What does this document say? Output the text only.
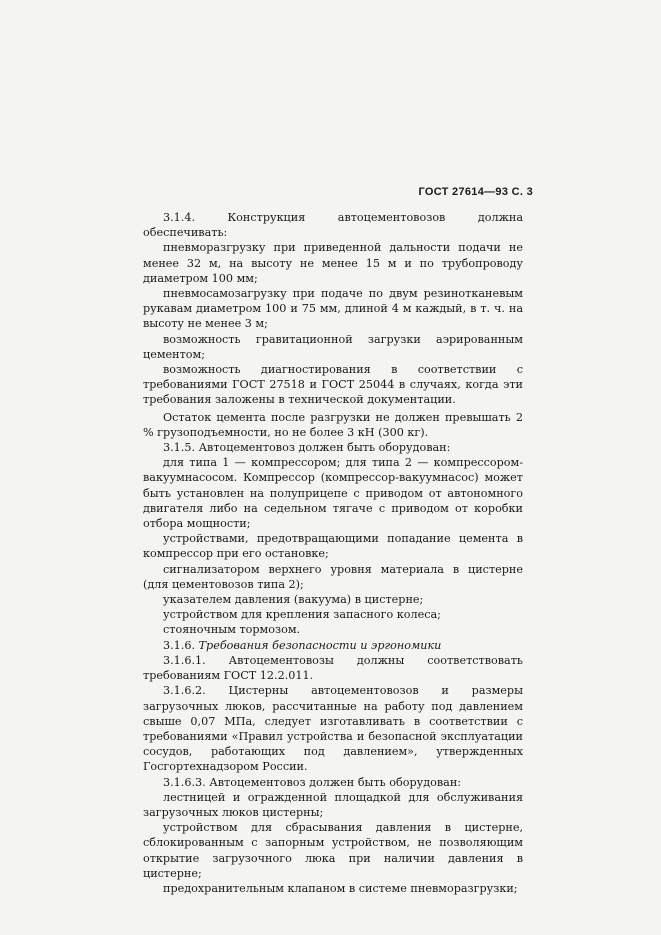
ГОСТ 27614—93 С. 3

3.1.4. Конструкция автоцементовозов должна обеспечивать:

пневморазгрузку при приведенной дальности подачи не менее 32 м, на высоту не менее 15 м и по трубопроводу диаметром 100 мм;

пневмосамозагрузку при подаче по двум резинотканевым рукавам диаметром 100 и 75 мм, длиной 4 м каждый, в т. ч. на высоту не менее 3 м;

возможность гравитационной загрузки аэрированным цементом;

возможность диагностирования в соответствии с требованиями ГОСТ 27518 и ГОСТ 25044 в случаях, когда эти требования заложены в технической документации.

Остаток цемента после разгрузки не должен превышать 2 % грузоподъемности, но не более 3 кН (300 кг).

3.1.5. Автоцементовоз должен быть оборудован:

для типа 1 — компрессором; для типа 2 — компрессором-вакуумнасосом. Компрессор (компрессор-вакуумнасос) может быть установлен на полуприцепе с приводом от автономного двигателя либо на седельном тягаче с приводом от коробки отбора мощности;

устройствами, предотвращающими попадание цемента в компрессор при его остановке;

сигнализатором верхнего уровня материала в цистерне (для цементовозов типа 2);

указателем давления (вакуума) в цистерне;

устройством для крепления запасного колеса;

стояночным тормозом.

3.1.6. Требования безопасности и эргономики

3.1.6.1. Автоцементовозы должны соответствовать требованиям ГОСТ 12.2.011.

3.1.6.2. Цистерны автоцементовозов и размеры загрузочных люков, рассчитанные на работу под давлением свыше 0,07 МПа, следует изготавливать в соответствии с требованиями «Правил устройства и безопасной эксплуатации сосудов, работающих под давлением», утвержденных Госгортехнадзором России.

3.1.6.3. Автоцементовоз должен быть оборудован:

лестницей и огражденной площадкой для обслуживания загрузочных люков цистерны;

устройством для сбрасывания давления в цистерне, сблокированным с запорным устройством, не позволяющим открытие загрузочного люка при наличии давления в цистерне;

предохранительным клапаном в системе пневморазгрузки;
